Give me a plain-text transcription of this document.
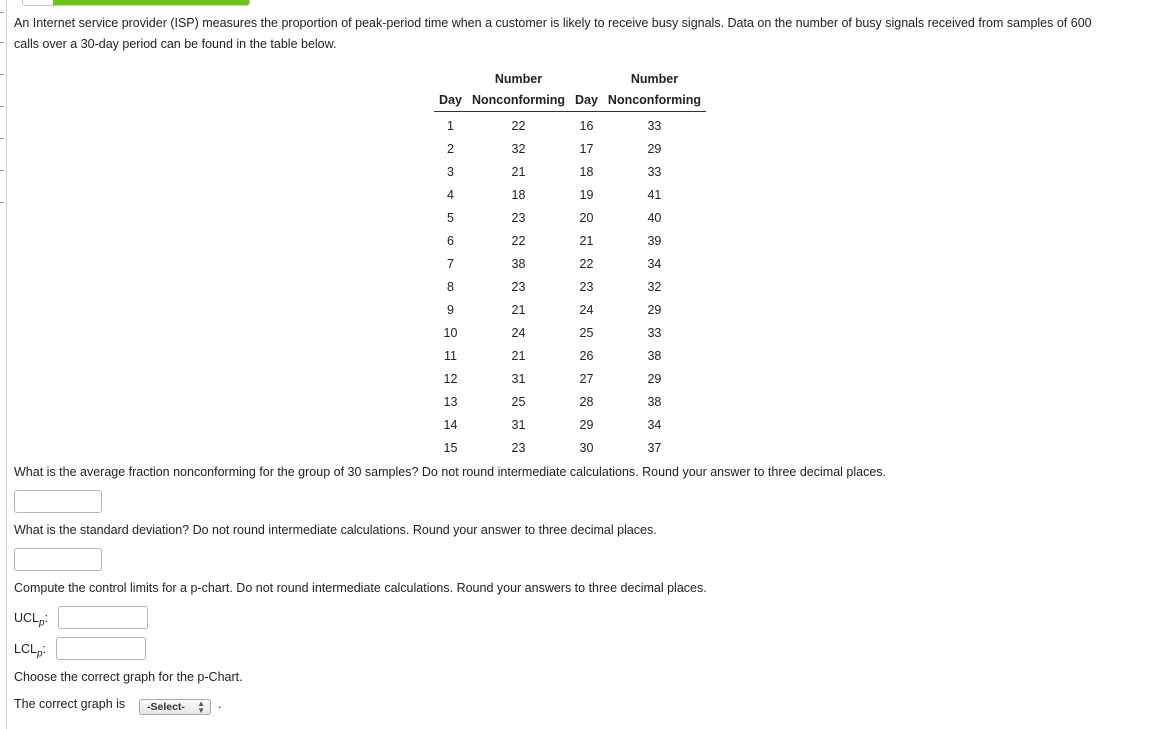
An Internet service provider (ISP) measures the proportion of peak-period time when a customer is likely to receive busy signals. Data on the number of busy signals received from samples of 600 calls over a 30-day period can be found in the table below.

	Number		Number
Day	Nonconforming	Day	Nonconforming
1	22	16	33
2	32	17	29
3	21	18	33
4	18	19	41
5	23	20	40
6	22	21	39
7	38	22	34
8	23	23	32
9	21	24	29
10	24	25	33
11	21	26	38
12	31	27	29
13	25	28	38
14	31	29	34
15	23	30	37

What is the average fraction nonconforming for the group of 30 samples? Do not round intermediate calculations. Round your answer to three decimal places.

What is the standard deviation? Do not round intermediate calculations. Round your answer to three decimal places.

Compute the control limits for a p-chart. Do not round intermediate calculations. Round your answers to three decimal places.

$UCL_p$:
$LCL_p$:

Choose the correct graph for the p-Chart.

The correct graph is	-Select- ▲
▼ .
